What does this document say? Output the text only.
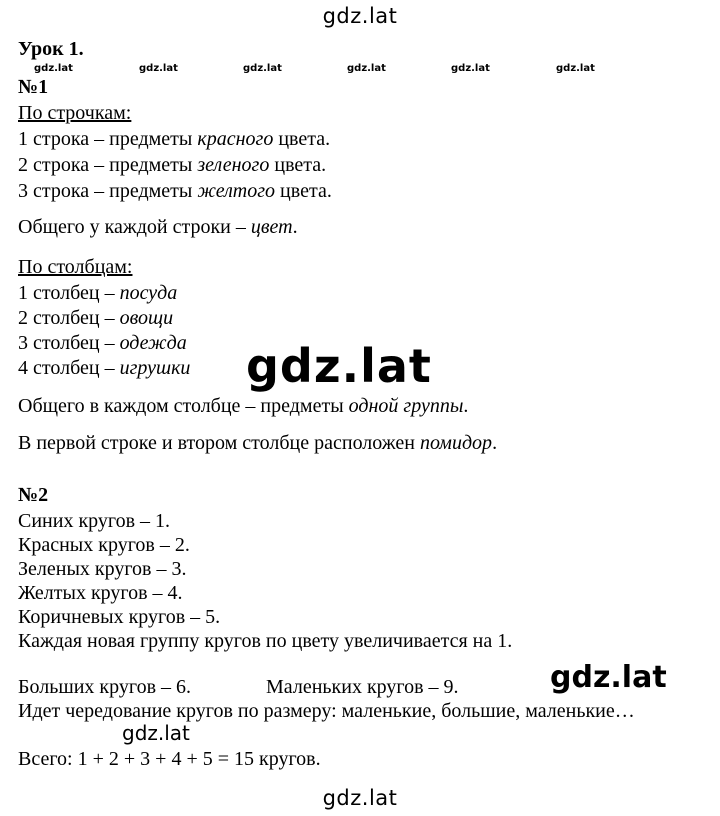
gdz.lat
gdz.lat	gdz.lat	gdz.lat	gdz.lat	gdz.lat	gdz.lat
Урок 1.
№1
По строчкам:
1 строка – предметы красного цвета.
2 строка – предметы зеленого цвета.
3 строка – предметы желтого цвета.
Общего у каждой строки – цвет.
По столбцам:
1 столбец – посуда
2 столбец – овощи
3 столбец – одежда
4 столбец – игрушки
Общего в каждом столбце – предметы одной группы.
В первой строке и втором столбце расположен помидор.
gdz.lat
№2
Синих кругов – 1.
Красных кругов – 2.
Зеленых кругов – 3.
Желтых кругов – 4.
Коричневых кругов – 5.
Каждая новая группу кругов по цвету увеличивается на 1.
Больших кругов – 6.	Маленьких кругов – 9.	gdz.lat
Идет чередование кругов по размеру: маленькие, большие, маленькие…
gdz.lat
Всего: 1 + 2 + 3 + 4 + 5 = 15 кругов.
gdz.lat
